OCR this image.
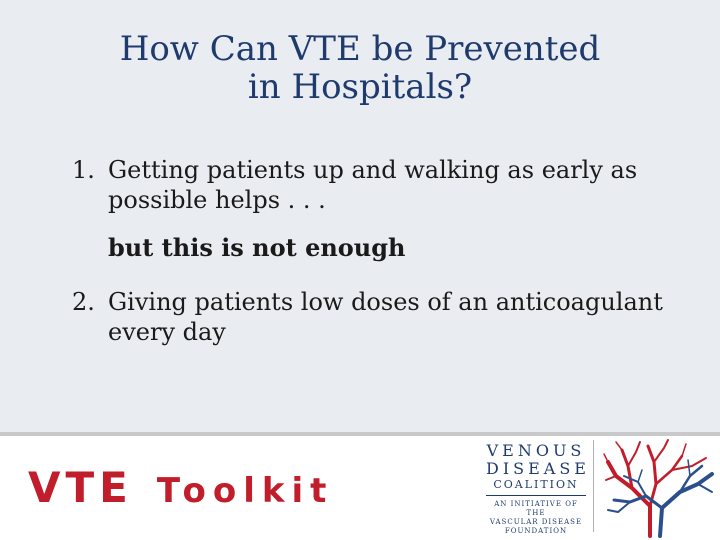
How Can VTE be Prevented
in Hospitals?
1. Getting patients up and walking as early as
possible helps . . .
but this is not enough
2. Giving patients low doses of an anticoagulant
every day
VTE Toolkit
VENOUS
DISEASE
COALITION
AN INITIATIVE OF THE
VASCULAR DISEASE
FOUNDATION
